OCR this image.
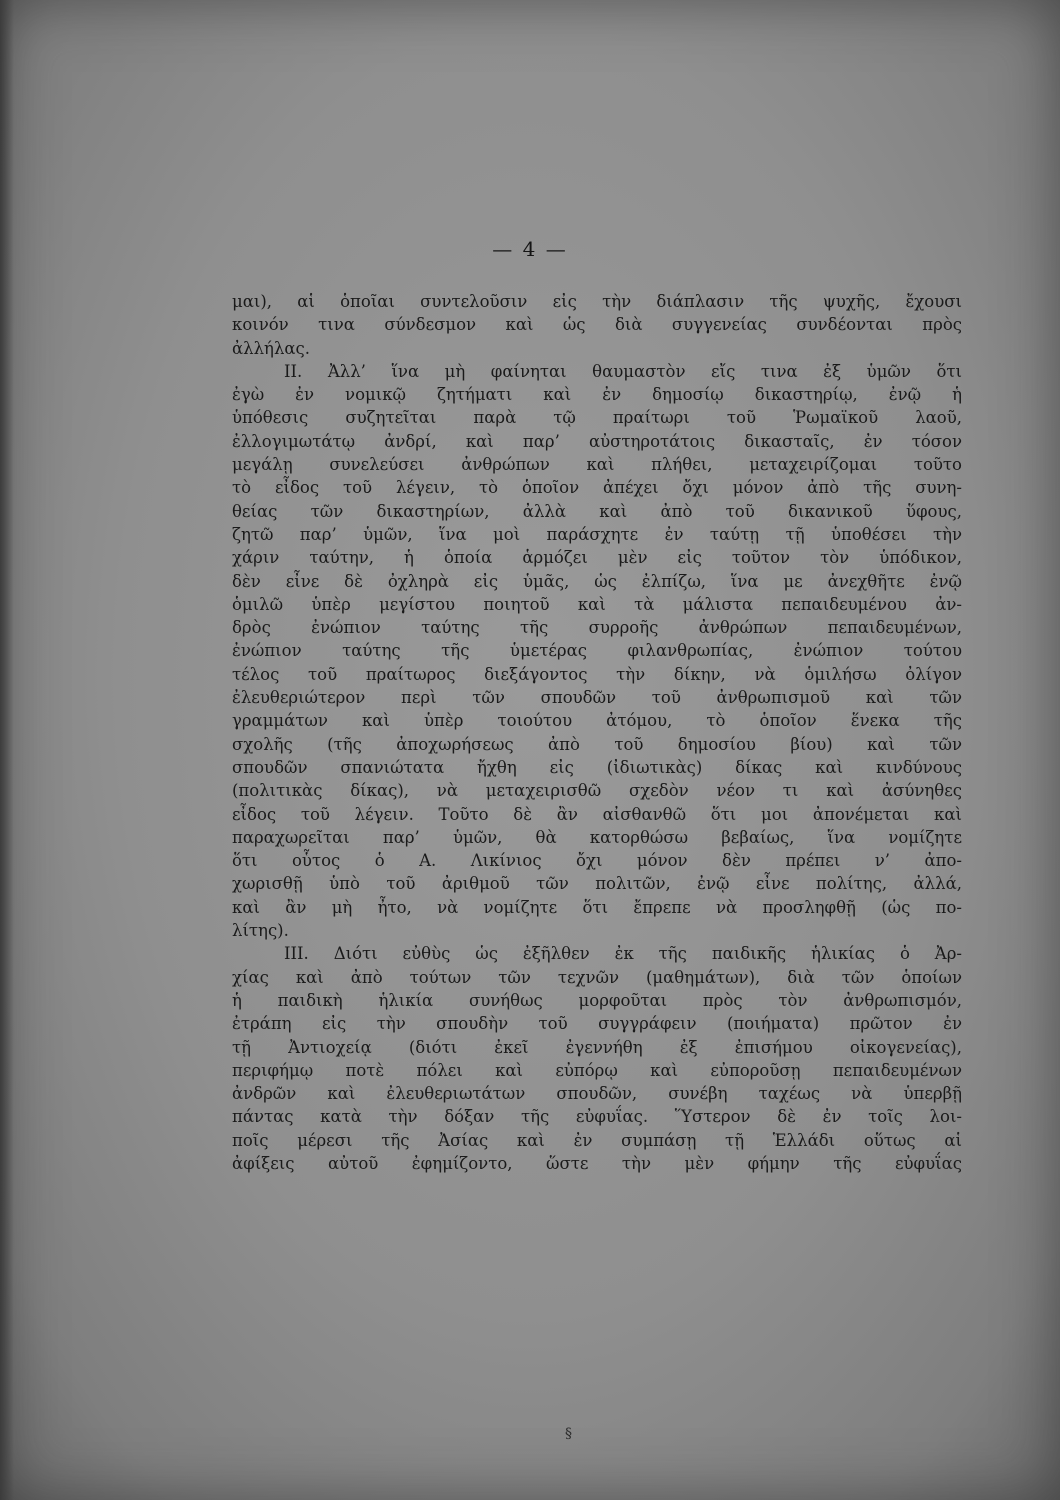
— 4 —
μαι), αἱ ὁποῖαι συντελοῦσιν εἰς τὴν διάπλασιν τῆς ψυχῆς, ἔχουσι
κοινόν τινα σύνδεσμον καὶ ὡς διὰ συγγενείας συνδέονται πρὸς
ἀλλήλας.
II. Ἀλλ’ ἵνα μὴ φαίνηται θαυμαστὸν εἴς τινα ἐξ ὑμῶν ὅτι
ἐγὼ ἐν νομικῷ ζητήματι καὶ ἐν δημοσίῳ δικαστηρίῳ, ἐνῷ ἡ
ὑπόθεσις συζητεῖται παρὰ τῷ πραίτωρι τοῦ Ῥωμαϊκοῦ λαοῦ,
ἐλλογιμωτάτῳ ἀνδρί, καὶ παρ’ αὐστηροτάτοις δικασταῖς, ἐν τόσον
μεγάλῃ συνελεύσει ἀνθρώπων καὶ πλήθει, μεταχειρίζομαι τοῦτο
τὸ εἶδος τοῦ λέγειν, τὸ ὁποῖον ἀπέχει ὄχι μόνον ἀπὸ τῆς συνη-
θείας τῶν δικαστηρίων, ἀλλὰ καὶ ἀπὸ τοῦ δικανικοῦ ὕφους,
ζητῶ παρ’ ὑμῶν, ἵνα μοὶ παράσχητε ἐν ταύτῃ τῇ ὑποθέσει τὴν
χάριν ταύτην, ἡ ὁποία ἁρμόζει μὲν εἰς τοῦτον τὸν ὑπόδικον,
δὲν εἶνε δὲ ὀχληρὰ εἰς ὑμᾶς, ὡς ἐλπίζω, ἵνα με ἀνεχθῆτε ἐνῷ
ὁμιλῶ ὑπὲρ μεγίστου ποιητοῦ καὶ τὰ μάλιστα πεπαιδευμένου ἀν-
δρὸς ἐνώπιον ταύτης τῆς συρροῆς ἀνθρώπων πεπαιδευμένων,
ἐνώπιον ταύτης τῆς ὑμετέρας φιλανθρωπίας, ἐνώπιον τούτου
τέλος τοῦ πραίτωρος διεξάγοντος τὴν δίκην, νὰ ὁμιλήσω ὀλίγον
ἐλευθεριώτερον περὶ τῶν σπουδῶν τοῦ ἀνθρωπισμοῦ καὶ τῶν
γραμμάτων καὶ ὑπὲρ τοιούτου ἀτόμου, τὸ ὁποῖον ἕνεκα τῆς
σχολῆς (τῆς ἀποχωρήσεως ἀπὸ τοῦ δημοσίου βίου) καὶ τῶν
σπουδῶν σπανιώτατα ἤχθη εἰς (ἰδιωτικὰς) δίκας καὶ κινδύνους
(πολιτικὰς δίκας), νὰ μεταχειρισθῶ σχεδὸν νέον τι καὶ ἀσύνηθες
εἶδος τοῦ λέγειν. Τοῦτο δὲ ἂν αἰσθανθῶ ὅτι μοι ἀπονέμεται καὶ
παραχωρεῖται παρ’ ὑμῶν, θὰ κατορθώσω βεβαίως, ἵνα νομίζητε
ὅτι οὗτος ὁ Α. Λικίνιος ὄχι μόνον δὲν πρέπει ν’ ἀπο-
χωρισθῇ ὑπὸ τοῦ ἀριθμοῦ τῶν πολιτῶν, ἐνῷ εἶνε πολίτης, ἀλλά,
καὶ ἂν μὴ ἦτο, νὰ νομίζητε ὅτι ἔπρεπε νὰ προσληφθῇ (ὡς πο-
λίτης).
III. Διότι εὐθὺς ὡς ἐξῆλθεν ἐκ τῆς παιδικῆς ἡλικίας ὁ Ἀρ-
χίας καὶ ἀπὸ τούτων τῶν τεχνῶν (μαθημάτων), διὰ τῶν ὁποίων
ἡ παιδικὴ ἡλικία συνήθως μορφοῦται πρὸς τὸν ἀνθρωπισμόν,
ἐτράπη εἰς τὴν σπουδὴν τοῦ συγγράφειν (ποιήματα) πρῶτον ἐν
τῇ Ἀντιοχείᾳ (διότι ἐκεῖ ἐγεννήθη ἐξ ἐπισήμου οἰκογενείας),
περιφήμῳ ποτὲ πόλει καὶ εὐπόρῳ καὶ εὐποροῦσῃ πεπαιδευμένων
ἀνδρῶν καὶ ἐλευθεριωτάτων σπουδῶν, συνέβη ταχέως νὰ ὑπερβῇ
πάντας κατὰ τὴν δόξαν τῆς εὐφυΐας. Ὕστερον δὲ ἐν τοῖς λοι-
ποῖς μέρεσι τῆς Ἀσίας καὶ ἐν συμπάσῃ τῇ Ἑλλάδι οὕτως αἱ
ἀφίξεις αὐτοῦ ἐφημίζοντο, ὥστε τὴν μὲν φήμην τῆς εὐφυΐας
§
